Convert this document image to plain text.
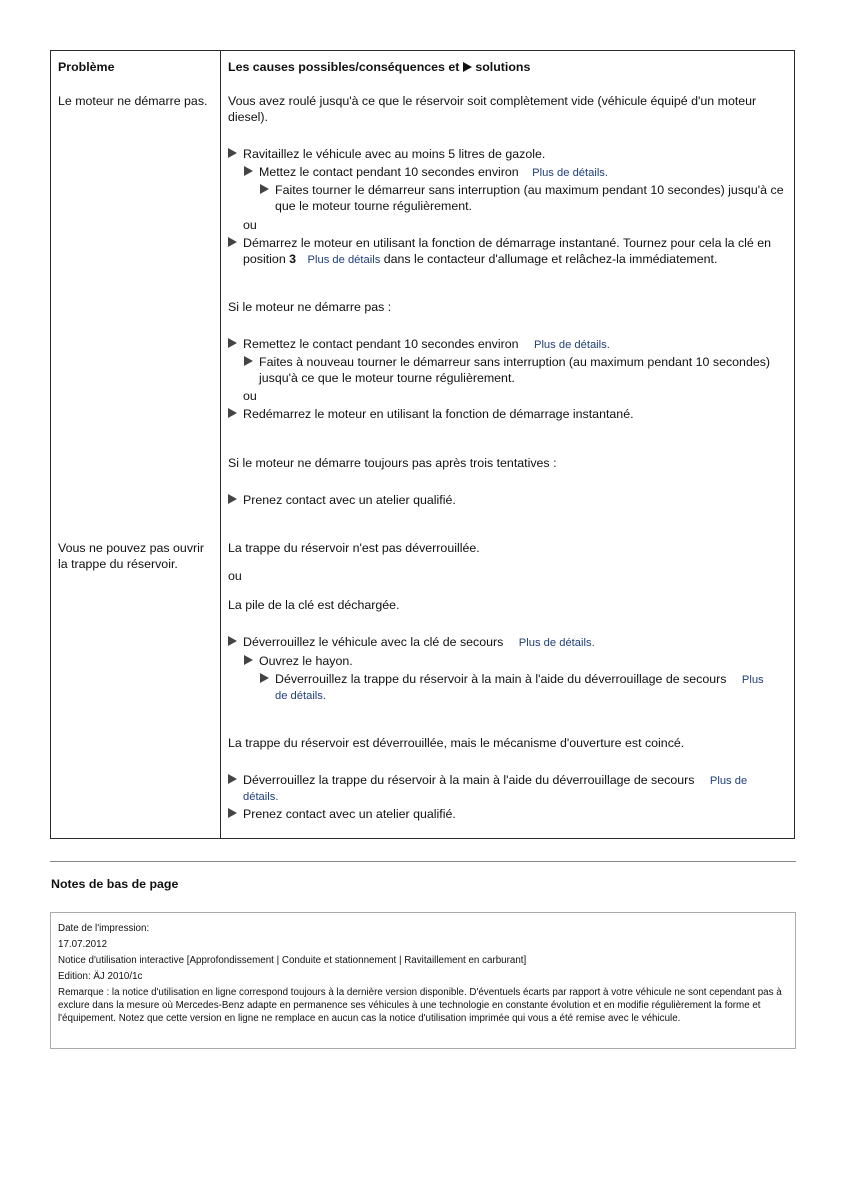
Problème	Les causes possibles/conséquences et solutions
Le moteur ne démarre pas. Vous avez roulé jusqu'à ce que le réservoir soit complètement vide (véhicule équipé d'un moteur diesel).
Ravitaillez le véhicule avec au moins 5 litres de gazole.
Mettez le contact pendant 10 secondes environ Plus de détails.
Faites tourner le démarreur sans interruption (au maximum pendant 10 secondes) jusqu'à ce que le moteur tourne régulièrement.
ou
Démarrez le moteur en utilisant la fonction de démarrage instantané. Tournez pour cela la clé en position 3 Plus de détails dans le contacteur d'allumage et relâchez-la immédiatement.
Si le moteur ne démarre pas :
Remettez le contact pendant 10 secondes environ Plus de détails.
Faites à nouveau tourner le démarreur sans interruption (au maximum pendant 10 secondes) jusqu'à ce que le moteur tourne régulièrement.
ou
Redémarrez le moteur en utilisant la fonction de démarrage instantané.
Si le moteur ne démarre toujours pas après trois tentatives :
Prenez contact avec un atelier qualifié.
Vous ne pouvez pas ouvrir la trappe du réservoir.
La trappe du réservoir n'est pas déverrouillée.
ou
La pile de la clé est déchargée.
Déverrouillez le véhicule avec la clé de secours Plus de détails.
Ouvrez le hayon.
Déverrouillez la trappe du réservoir à la main à l'aide du déverrouillage de secours Plus
de détails.
La trappe du réservoir est déverrouillée, mais le mécanisme d'ouverture est coincé.
Déverrouillez la trappe du réservoir à la main à l'aide du déverrouillage de secours Plus de
détails.
Prenez contact avec un atelier qualifié.
Notes de bas de page
Date de l'impression:
17.07.2012
Notice d'utilisation interactive [Approfondissement | Conduite et stationnement | Ravitaillement en carburant]
Edition: ÄJ 2010/1c
Remarque : la notice d'utilisation en ligne correspond toujours à la dernière version disponible. D'éventuels écarts par rapport à votre véhicule ne sont cependant pas à exclure dans la mesure où Mercedes-Benz adapte en permanence ses véhicules à une technologie en constante évolution et en modifie régulièrement la forme et l'équipement. Notez que cette version en ligne ne remplace en aucun cas la notice d'utilisation imprimée qui vous a été remise avec le véhicule.
